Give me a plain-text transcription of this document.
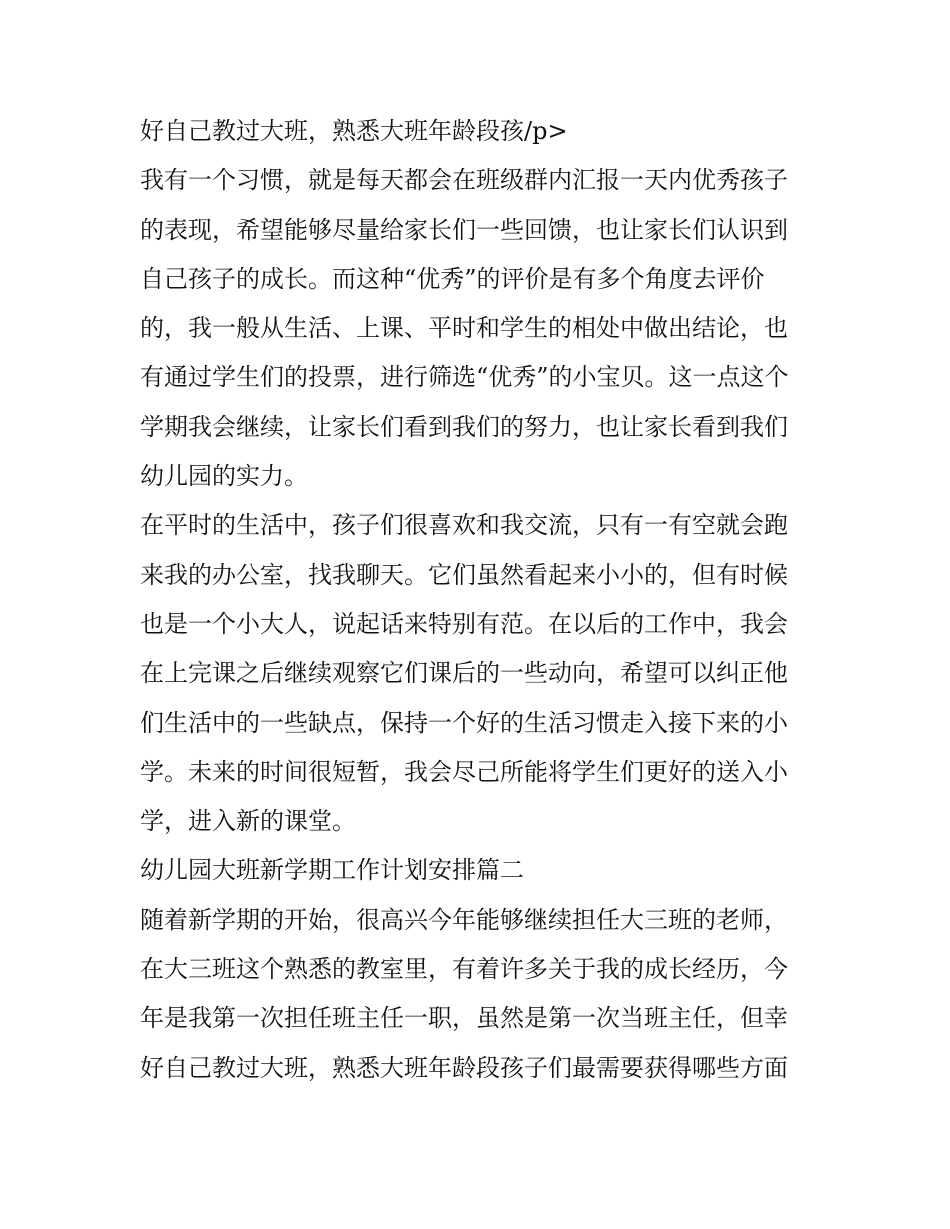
好自己教过大班，熟悉大班年龄段孩/p>
我有一个习惯，就是每天都会在班级群内汇报一天内优秀孩子
的表现，希望能够尽量给家长们一些回馈，也让家长们认识到
自己孩子的成长。而这种“优秀”的评价是有多个角度去评价
的，我一般从生活、上课、平时和学生的相处中做出结论，也
有通过学生们的投票，进行筛选“优秀”的小宝贝。这一点这个
学期我会继续，让家长们看到我们的努力，也让家长看到我们
幼儿园的实力。
在平时的生活中，孩子们很喜欢和我交流，只有一有空就会跑
来我的办公室，找我聊天。它们虽然看起来小小的，但有时候
也是一个小大人，说起话来特别有范。在以后的工作中，我会
在上完课之后继续观察它们课后的一些动向，希望可以纠正他
们生活中的一些缺点，保持一个好的生活习惯走入接下来的小
学。未来的时间很短暂，我会尽己所能将学生们更好的送入小
学，进入新的课堂。
幼儿园大班新学期工作计划安排篇二
随着新学期的开始，很高兴今年能够继续担任大三班的老师，
在大三班这个熟悉的教室里，有着许多关于我的成长经历，今
年是我第一次担任班主任一职，虽然是第一次当班主任，但幸
好自己教过大班，熟悉大班年龄段孩子们最需要获得哪些方面
